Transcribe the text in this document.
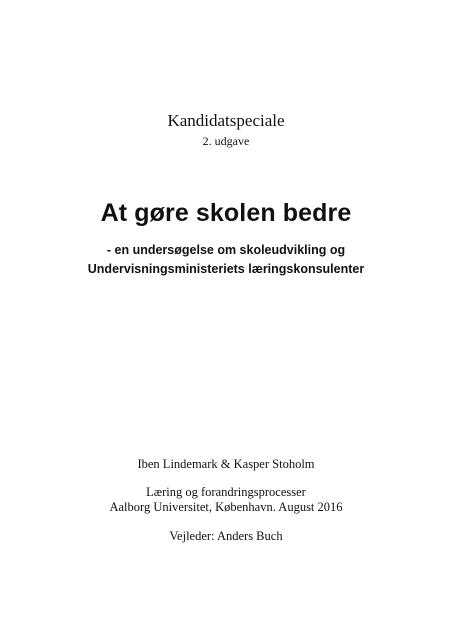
Kandidatspeciale
2. udgave
At gøre skolen bedre
- en undersøgelse om skoleudvikling og
Undervisningsministeriets læringskonsulenter
Iben Lindemark & Kasper Stoholm
Læring og forandringsprocesser
Aalborg Universitet, København. August 2016
Vejleder: Anders Buch
